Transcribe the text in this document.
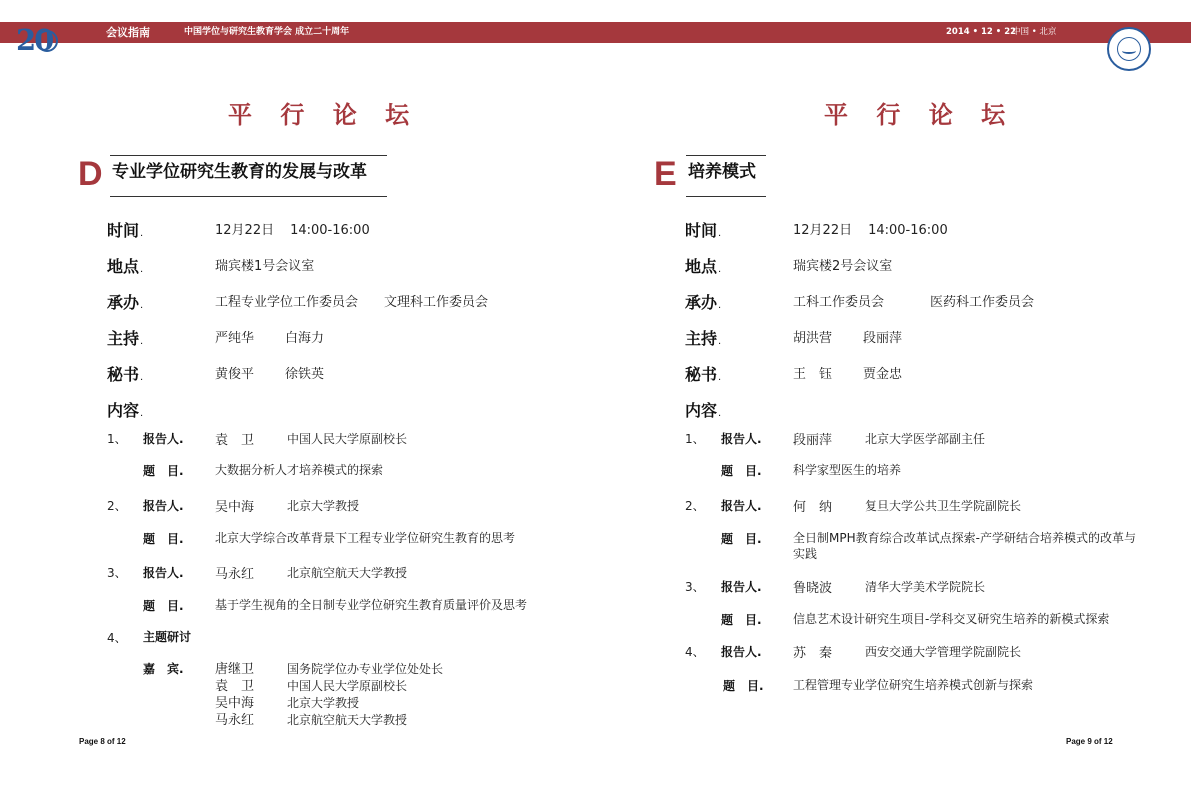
会议指南	中国学位与研究生教育学会 成立二十周年	2014 • 12 • 22
中国 • 北京
20
平 行 论 坛
D 专业学位研究生教育的发展与改革
时间.	12月22日 14:00-16:00
地点.	瑞宾楼1号会议室
承办.	工程专业学位工作委员会 文理科工作委员会
主持.	严纯华 白海力
秘书.	黄俊平 徐铁英
内容.
1、 报告人. 袁　卫	中国人民大学原副校长
题　目.	大数据分析人才培养模式的探索
2、 报告人. 吴中海	北京大学教授
题　目.	北京大学综合改革背景下工程专业学位研究生教育的思考
3、 报告人. 马永红	北京航空航天大学教授
题　目.	基于学生视角的全日制专业学位研究生教育质量评价及思考
4、 主题研讨
嘉　宾. 唐继卫	国务院学位办专业学位处处长
袁　卫	中国人民大学原副校长
吴中海	北京大学教授
马永红	北京航空航天大学教授
Page 8 of 12
平 行 论 坛
E 培养模式
时间.	12月22日 14:00-16:00
地点.	瑞宾楼2号会议室
承办.	工科工作委员会	医药科工作委员会
主持.	胡洪营 段丽萍
秘书.	王　钰 贾金忠
内容.
1、 报告人. 段丽萍	北京大学医学部副主任
题　目.	科学家型医生的培养
2、 报告人. 何　纳	复旦大学公共卫生学院副院长
题　目.	全日制MPH教育综合改革试点探索-产学研结合培养模式的改革与实践
3、 报告人. 鲁晓波	清华大学美术学院院长
题　目.	信息艺术设计研究生项目-学科交叉研究生培养的新模式探索
4、 报告人. 苏　秦	西安交通大学管理学院副院长
题　目. 工程管理专业学位研究生培养模式创新与探索
Page 9 of 12
